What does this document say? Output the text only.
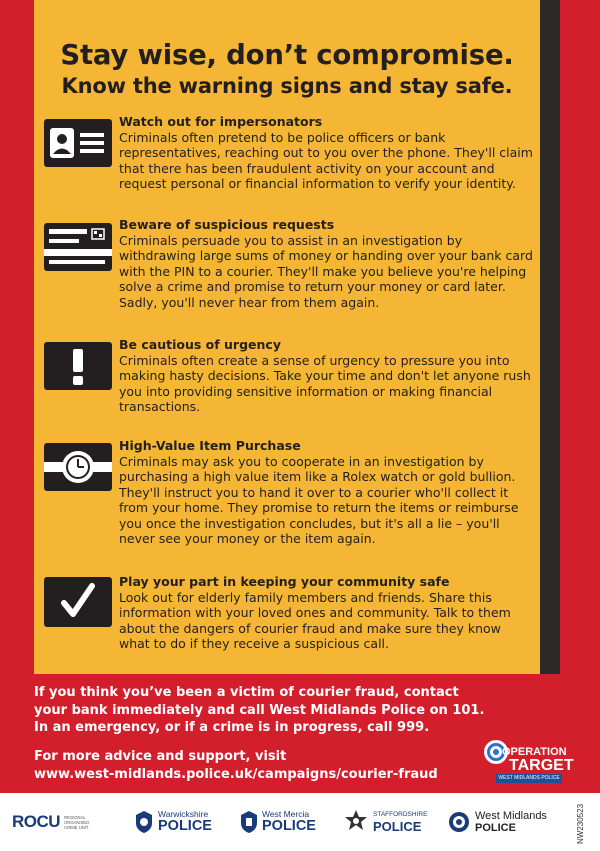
Stay wise, don’t compromise.
Know the warning signs and stay safe.
Watch out for impersonators
Criminals often pretend to be police officers or bank representatives, reaching out to you over the phone. They'll claim that there has been fraudulent activity on your account and request personal or financial information to verify your identity.
Beware of suspicious requests
Criminals persuade you to assist in an investigation by withdrawing large sums of money or handing over your bank card with the PIN to a courier. They'll make you believe you're helping solve a crime and promise to return your money or card later. Sadly, you'll never hear from them again.
Be cautious of urgency
Criminals often create a sense of urgency to pressure you into making hasty decisions. Take your time and don't let anyone rush you into providing sensitive information or making financial transactions.
High-Value Item Purchase
Criminals may ask you to cooperate in an investigation by purchasing a high value item like a Rolex watch or gold bullion. They'll instruct you to hand it over to a courier who'll collect it from your home. They promise to return the items or reimburse you once the investigation concludes, but it's all a lie – you'll never see your money or the item again.
Play your part in keeping your community safe
Look out for elderly family members and friends. Share this information with your loved ones and community. Talk to them about the dangers of courier fraud and make sure they know what to do if they receive a suspicious call.
If you think you’ve been a victim of courier fraud, contact
your bank immediately and call West Midlands Police on 101.
In an emergency, or if a crime is in progress, call 999.
For more advice and support, visit
www.west-midlands.police.uk/campaigns/courier-fraud
OPERATION
TARGET
WEST MIDLANDS POLICE
ROCU REGIONAL
ORGANISED
CRIME UNIT
Warwickshire
POLICE
West Mercia
POLICE
STAFFORDSHIRE
POLICE
West Midlands
POLICE	NW230523
